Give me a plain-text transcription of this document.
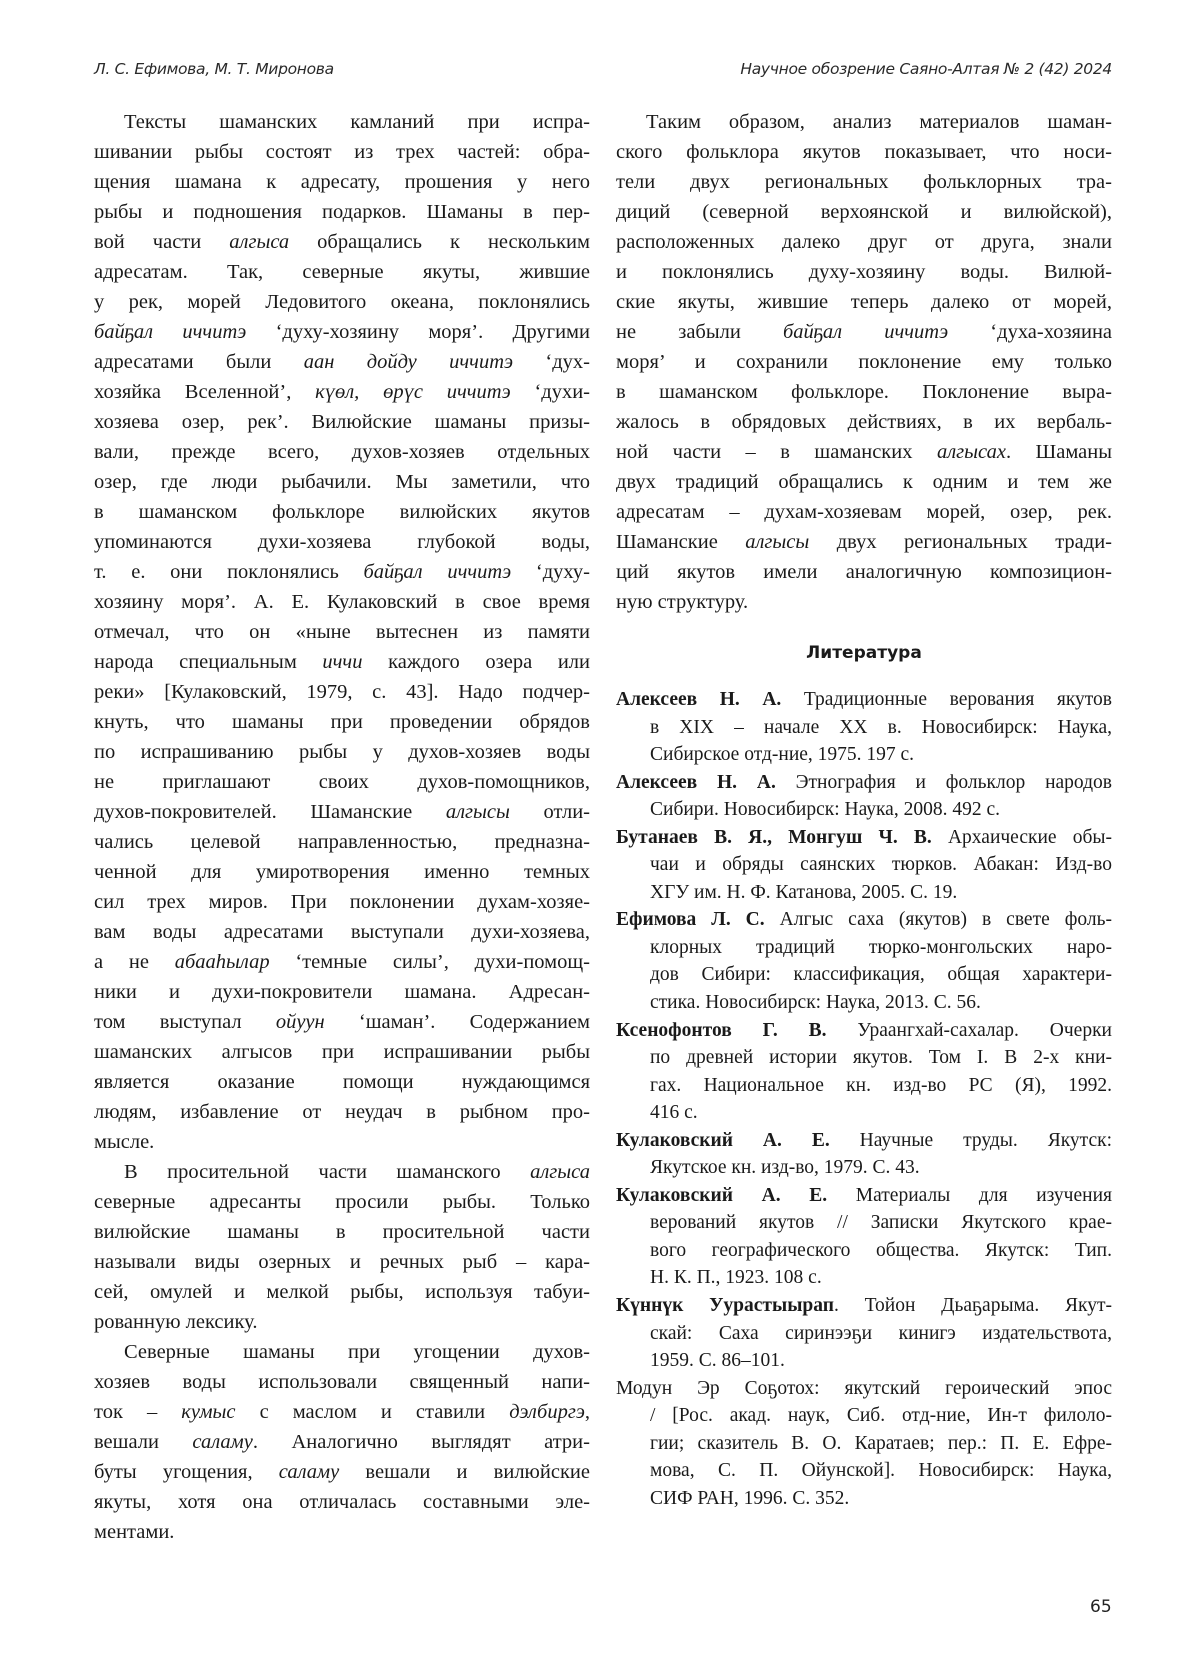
Л. С. Ефимова, М. Т. Миронова	Научное обозрение Саяно-Алтая № 2 (42) 2024
Тексты шаманских камланий при испра-
шивании рыбы состоят из трех частей: обра-
щения шамана к адресату, прошения у него
рыбы и подношения подарков. Шаманы в пер-
вой части алгыса обращались к нескольким
адресатам. Так, северные якуты, жившие
у рек, морей Ледовитого океана, поклонялись
байҕал иччитэ ‘духу-хозяину моря’. Другими
адресатами были аан дойду иччитэ ‘дух-
хозяйка Вселенной’, күөл, өрүс иччитэ ‘духи-
хозяева озер, рек’. Вилюйские шаманы призы-
вали, прежде всего, духов-хозяев отдельных
озер, где люди рыбачили. Мы заметили, что
в шаманском фольклоре вилюйских якутов
упоминаются духи-хозяева глубокой воды,
т. е. они поклонялись байҕал иччитэ ‘духу-
хозяину моря’. А. Е. Кулаковский в свое время
отмечал, что он «ныне вытеснен из памяти
народа специальным иччи каждого озера или
реки» [Кулаковский, 1979, с. 43]. Надо подчер-
кнуть, что шаманы при проведении обрядов
по испрашиванию рыбы у духов-хозяев воды
не приглашают своих духов-помощников,
духов-покровителей. Шаманские алгысы отли-
чались целевой направленностью, предназна-
ченной для умиротворения именно темных
сил трех миров. При поклонении духам-хозяе-
вам воды адресатами выступали духи-хозяева,
а не абааһылар ‘темные силы’, духи-помощ-
ники и духи-покровители шамана. Адресан-
том выступал ойуун ‘шаман’. Содержанием
шаманских алгысов при испрашивании рыбы
является оказание помощи нуждающимся
людям, избавление от неудач в рыбном про-
мысле.
В просительной части шаманского алгыса
северные адресанты просили рыбы. Только
вилюйские шаманы в просительной части
называли виды озерных и речных рыб – кара-
сей, омулей и мелкой рыбы, используя табуи-
рованную лексику.
Северные шаманы при угощении духов-
хозяев воды использовали священный напи-
ток – кумыс с маслом и ставили дэлбиргэ,
вешали саламу. Аналогично выглядят атри-
буты угощения, саламу вешали и вилюйские
якуты, хотя она отличалась составными эле-
ментами.
Таким образом, анализ материалов шаман-
ского фольклора якутов показывает, что носи-
тели двух региональных фольклорных тра-
диций (северной верхоянской и вилюйской),
расположенных далеко друг от друга, знали
и поклонялись духу-хозяину воды. Вилюй-
ские якуты, жившие теперь далеко от морей,
не забыли байҕал иччитэ ‘духа-хозяина
моря’ и сохранили поклонение ему только
в шаманском фольклоре. Поклонение выра-
жалось в обрядовых действиях, в их вербаль-
ной части – в шаманских алгысах. Шаманы
двух традиций обращались к одним и тем же
адресатам – духам-хозяевам морей, озер, рек.
Шаманские алгысы двух региональных тради-
ций якутов имели аналогичную композицион-
ную структуру.
Литература
Алексеев Н. А. Традиционные верования якутов
в XIX – начале XX в. Новосибирск: Наука,
Сибирское отд-ние, 1975. 197 с.
Алексеев Н. А. Этнография и фольклор народов
Сибири. Новосибирск: Наука, 2008. 492 с.
Бутанаев В. Я., Монгуш Ч. В. Архаические обы-
чаи и обряды саянских тюрков. Абакан: Изд-во
ХГУ им. Н. Ф. Катанова, 2005. С. 19.
Ефимова Л. С. Алгыс саха (якутов) в свете фоль-
клорных традиций тюрко-монгольских наро-
дов Сибири: классификация, общая характери-
стика. Новосибирск: Наука, 2013. С. 56.
Ксенофонтов Г. В. Ураангхай-сахалар. Очерки
по древней истории якутов. Том I. В 2-х кни-
гах. Национальное кн. изд-во РС (Я), 1992.
416 с.
Кулаковский А. Е. Научные труды. Якутск:
Якутское кн. изд-во, 1979. С. 43.
Кулаковский А. Е. Материалы для изучения
верований якутов // Записки Якутского крае-
вого географического общества. Якутск: Тип.
Н. К. П., 1923. 108 с.
Күннүк Уурастыырап. Тойон Дьаҕарыма. Якут-
скай: Саха сиринээҕи кинигэ издательствота,
1959. С. 86–101.
Модун Эр Соҕотох: якутский героический эпос
/ [Рос. акад. наук, Сиб. отд-ние, Ин-т филоло-
гии; сказитель В. О. Каратаев; пер.: П. Е. Ефре-
мова, С. П. Ойунской]. Новосибирск: Наука,
СИФ РАН, 1996. С. 352.
65
